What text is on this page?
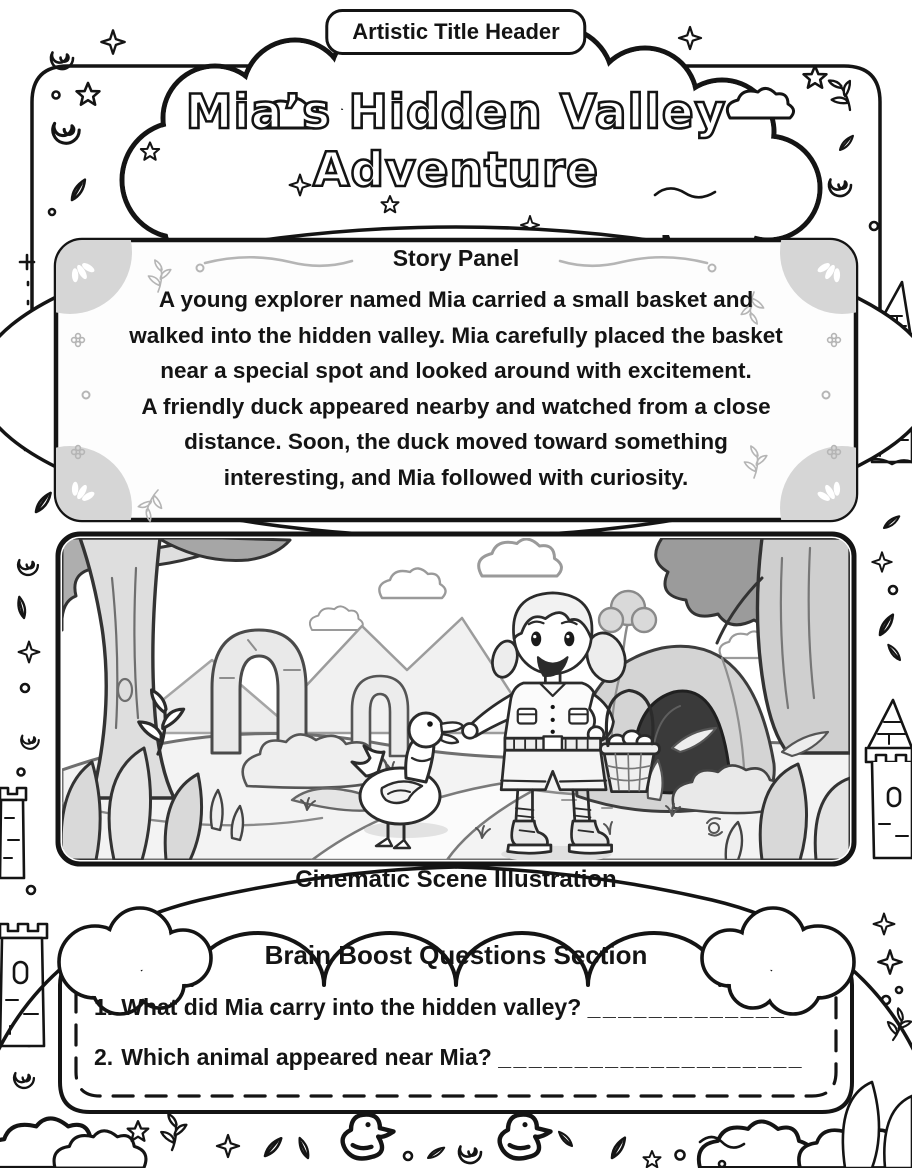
Artistic Title Header
Mia’s Hidden Valley
Adventure
Story Panel
A young explorer named Mia carried a small basket and
walked into the hidden valley. Mia carefully placed the basket
near a special spot and looked around with excitement.
A friendly duck appeared nearby and watched from a close
distance. Soon, the duck moved toward something
interesting, and Mia followed with curiosity.
Cinematic Scene Illustration
Brain Boost Questions Section
1. What did Mia carry into the hidden valley? _____________
2. Which animal appeared near Mia? ____________________
